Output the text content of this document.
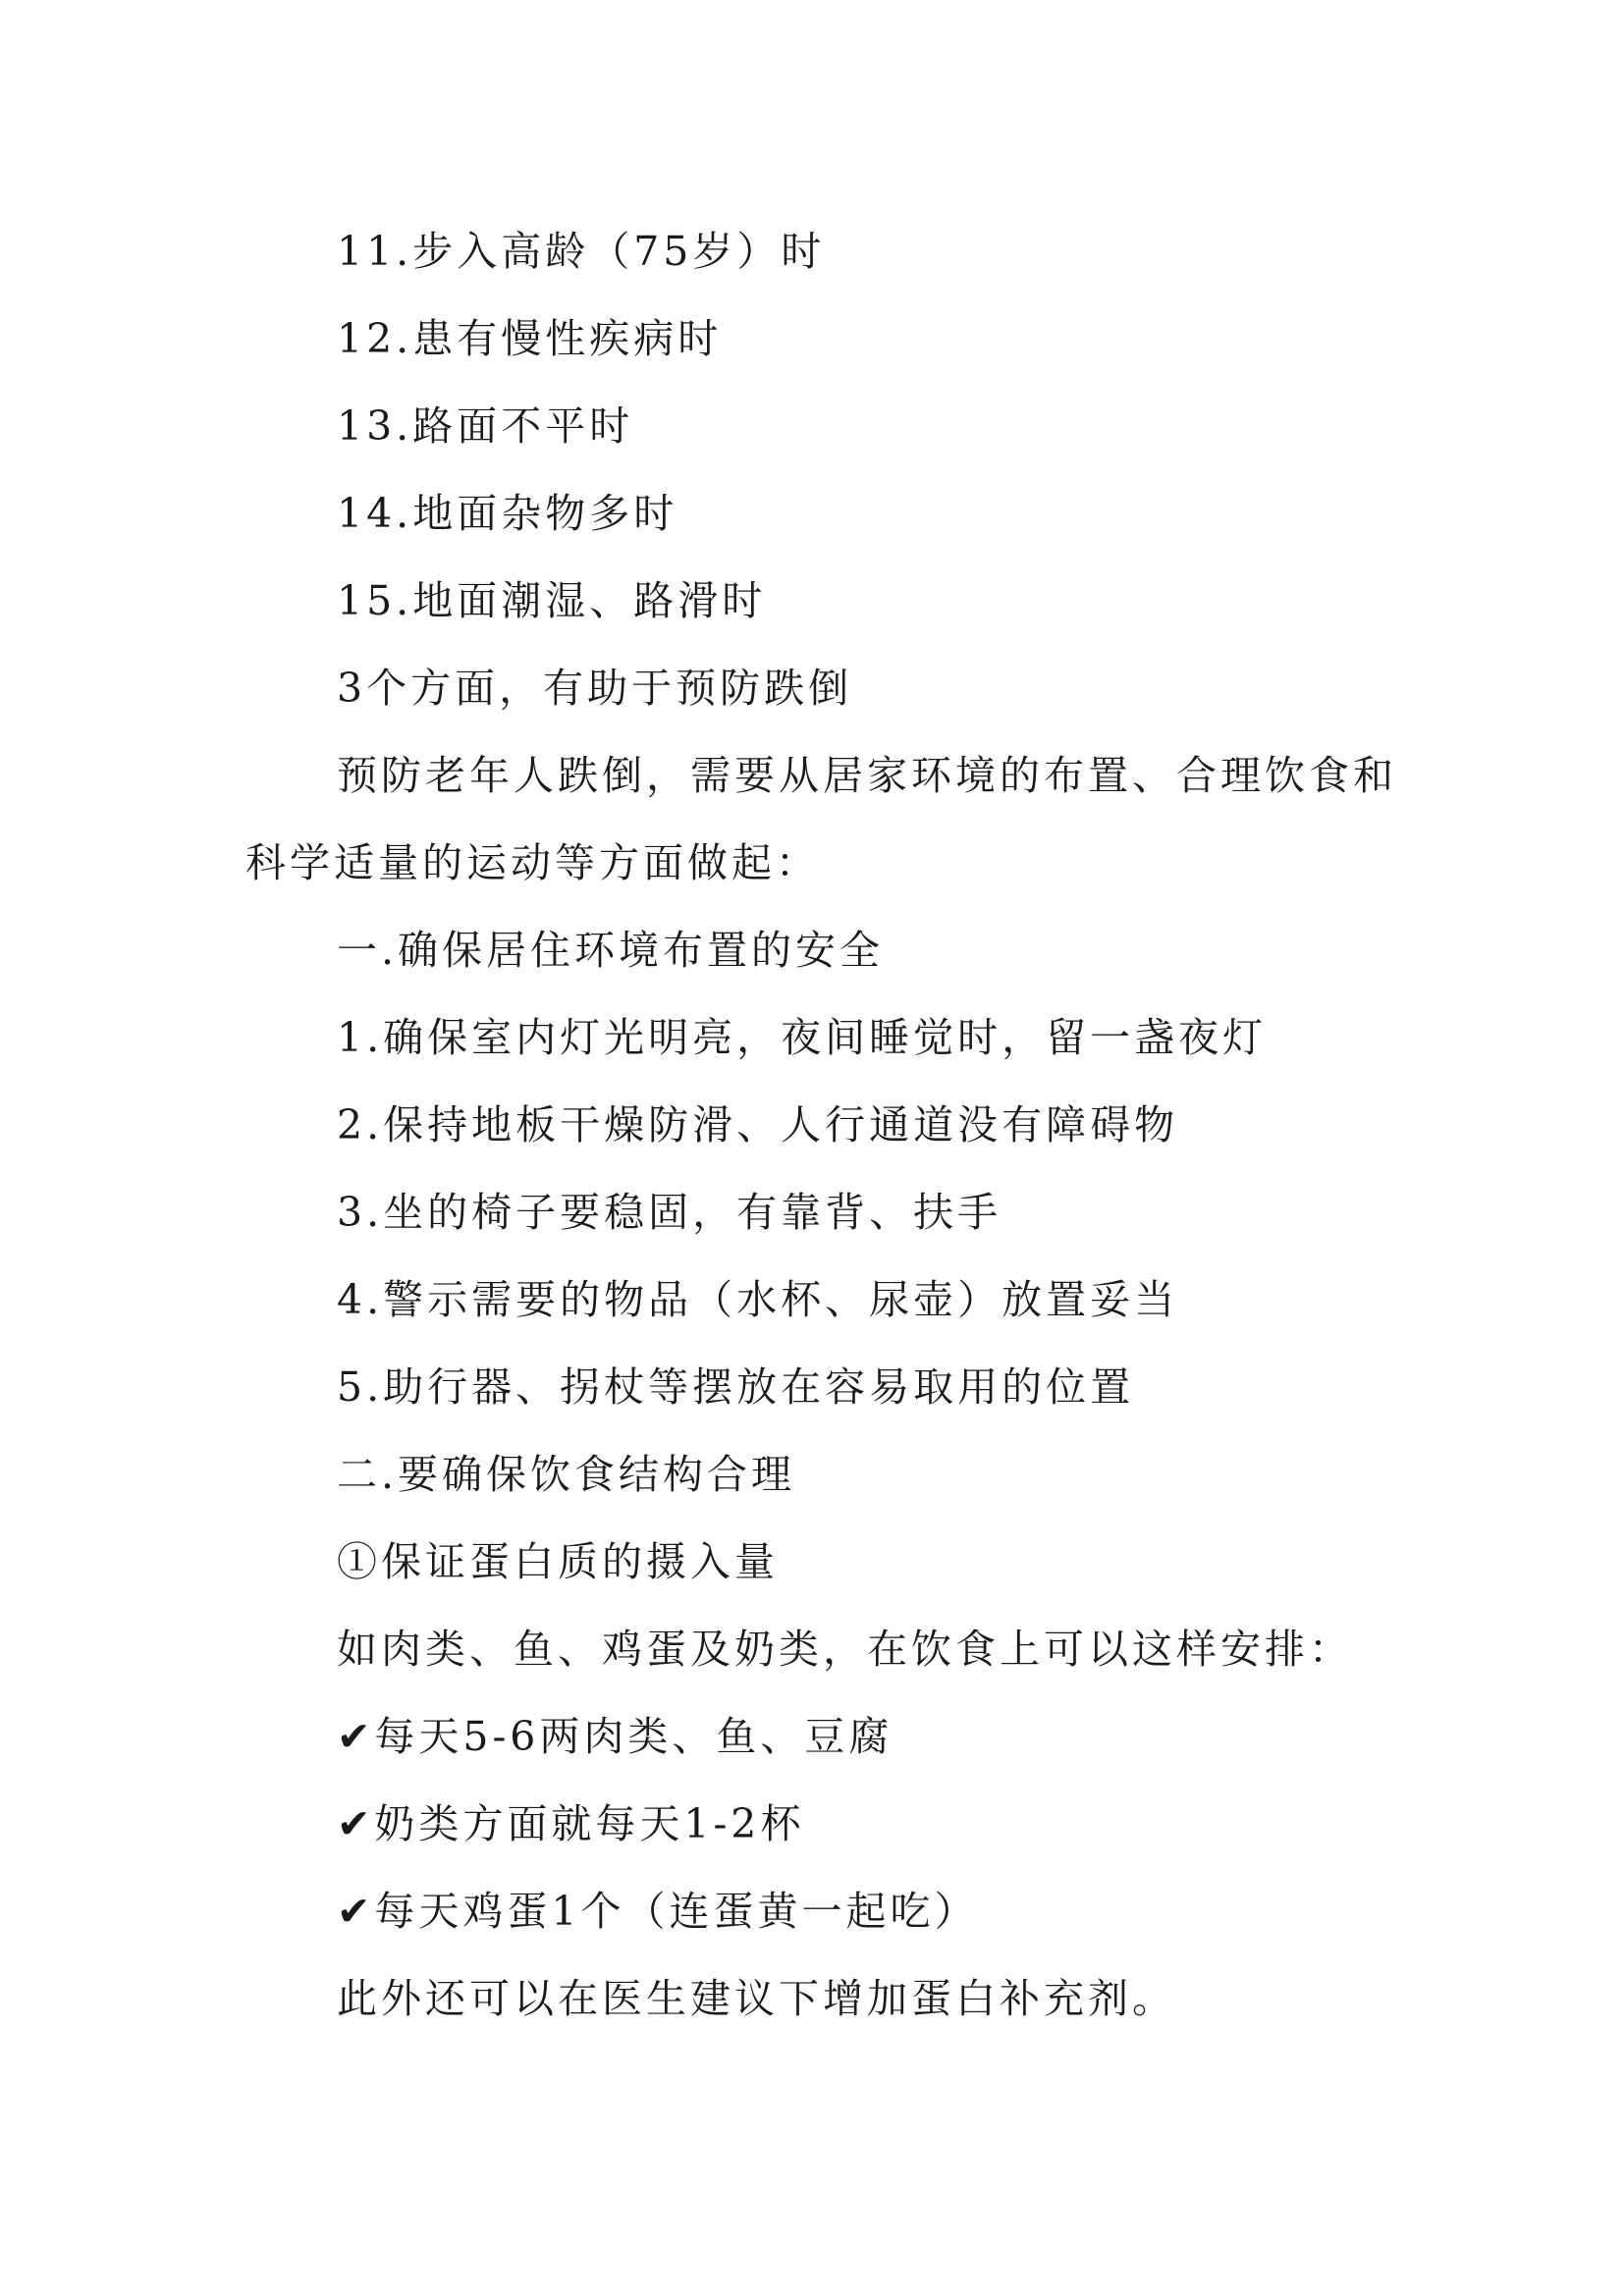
11.步入高龄（75岁）时
12.患有慢性疾病时
13.路面不平时
14.地面杂物多时
15.地面潮湿、路滑时
3个方面，有助于预防跌倒
预防老年人跌倒，需要从居家环境的布置、合理饮食和
科学适量的运动等方面做起：
一.确保居住环境布置的安全
1.确保室内灯光明亮，夜间睡觉时，留一盏夜灯
2.保持地板干燥防滑、人行通道没有障碍物
3.坐的椅子要稳固，有靠背、扶手
4.警示需要的物品（水杯、尿壶）放置妥当
5.助行器、拐杖等摆放在容易取用的位置
二.要确保饮食结构合理
①保证蛋白质的摄入量
如肉类、鱼、鸡蛋及奶类，在饮食上可以这样安排：
✔每天5-6两肉类、鱼、豆腐
✔奶类方面就每天1-2杯
✔每天鸡蛋1个（连蛋黄一起吃）
此外还可以在医生建议下增加蛋白补充剂。
